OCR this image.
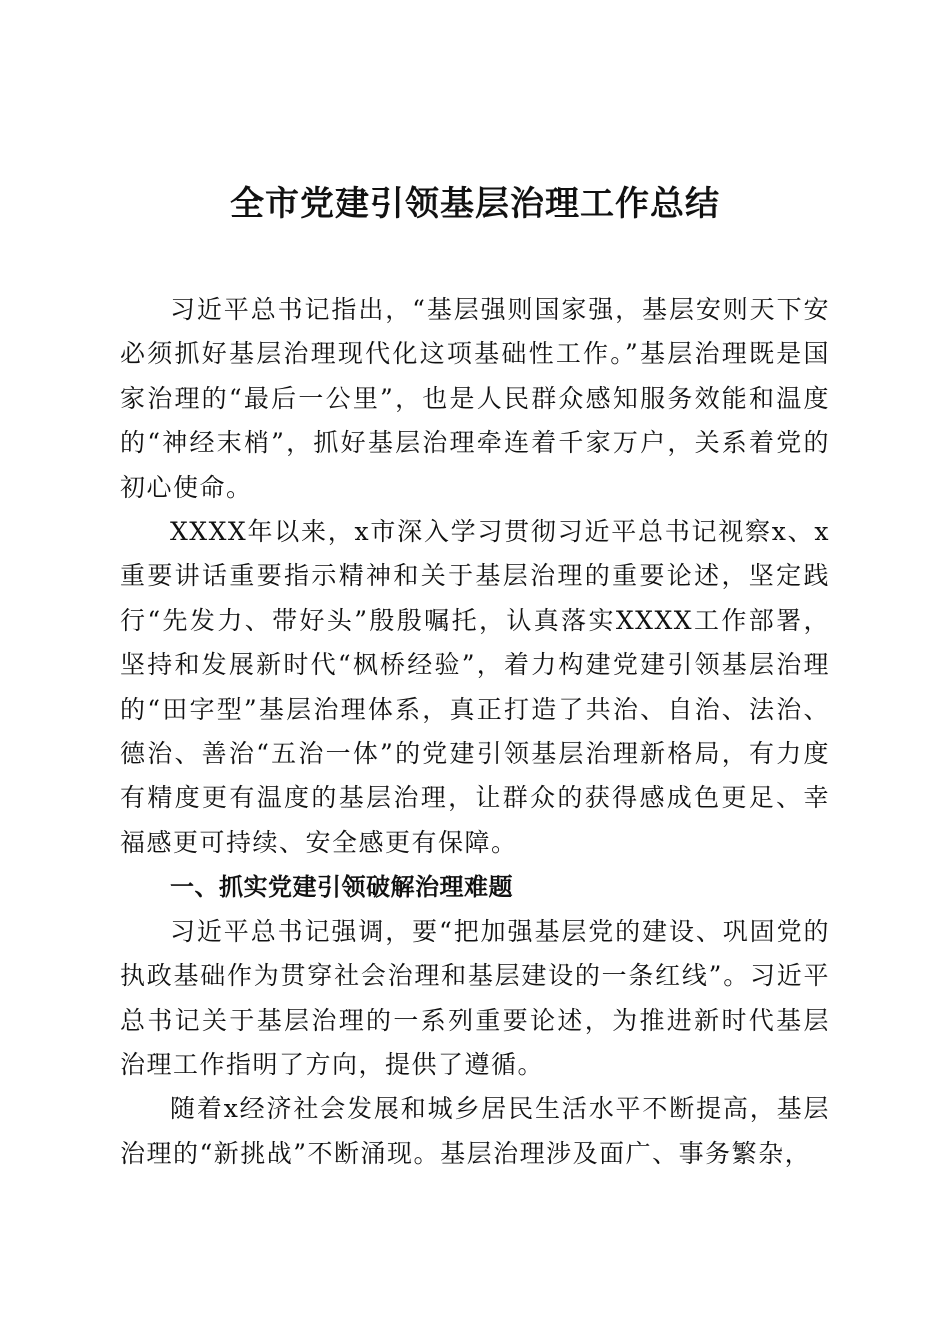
全市党建引领基层治理工作总结

习近平总书记指出，“基层强则国家强，基层安则天下安必须抓好基层治理现代化这项基础性工作。”基层治理既是国家治理的“最后一公里”，也是人民群众感知服务效能和温度的“神经末梢”，抓好基层治理牵连着千家万户，关系着党的初心使命。

XXXX年以来，x市深入学习贯彻习近平总书记视察x、x重要讲话重要指示精神和关于基层治理的重要论述，坚定践行“先发力、带好头”殷殷嘱托，认真落实XXXX工作部署，坚持和发展新时代“枫桥经验”，着力构建党建引领基层治理的“田字型”基层治理体系，真正打造了共治、自治、法治、德治、善治“五治一体”的党建引领基层治理新格局，有力度有精度更有温度的基层治理，让群众的获得感成色更足、幸福感更可持续、安全感更有保障。

一、抓实党建引领破解治理难题

习近平总书记强调，要“把加强基层党的建设、巩固党的执政基础作为贯穿社会治理和基层建设的一条红线”。习近平总书记关于基层治理的一系列重要论述，为推进新时代基层治理工作指明了方向，提供了遵循。

随着x经济社会发展和城乡居民生活水平不断提高，基层治理的“新挑战”不断涌现。基层治理涉及面广、事务繁杂，
